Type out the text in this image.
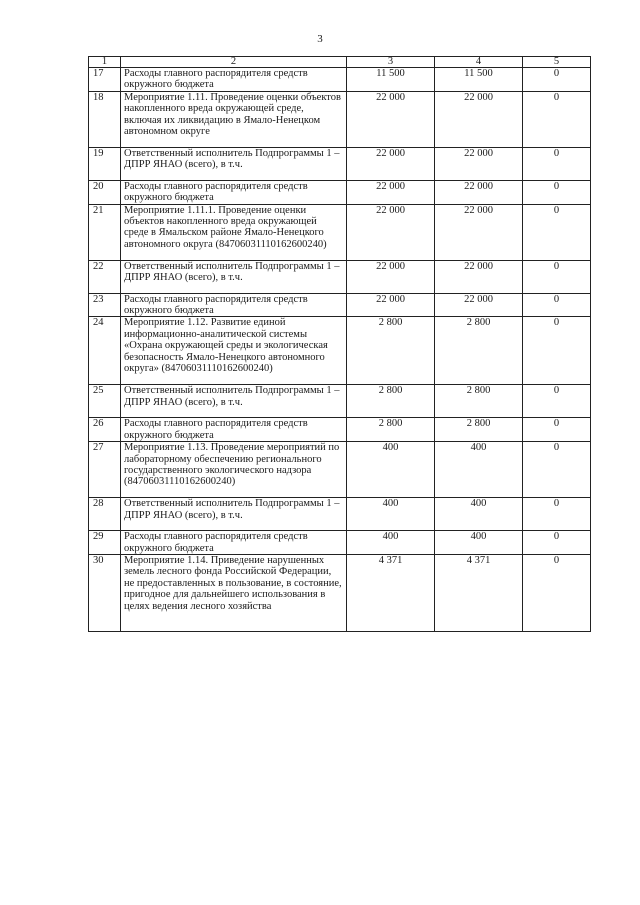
3
1	2	3	4	5
17	Расходы главного распорядителя средств окружного бюджета	11 500	11 500	0
18	Мероприятие 1.11. Проведение оценки объектов накопленного вреда окружающей среде, включая их ликвидацию в Ямало-Ненецком автономном округе	22 000	22 000	0
19	Ответственный исполнитель Подпрограммы 1 – ДПРР ЯНАО (всего), в т.ч.	22 000	22 000	0
20	Расходы главного распорядителя средств окружного бюджета	22 000	22 000	0
21	Мероприятие 1.11.1. Проведение оценки объектов накопленного вреда окружающей среде в Ямальском районе Ямало-Ненецкого автономного округа (84706031110162600240)	22 000	22 000	0
22	Ответственный исполнитель Подпрограммы 1 – ДПРР ЯНАО (всего), в т.ч.	22 000	22 000	0
23	Расходы главного распорядителя средств окружного бюджета	22 000	22 000	0
24	Мероприятие 1.12. Развитие единой информационно-аналитической системы «Охрана окружающей среды и экологическая безопасность Ямало-Ненецкого автономного округа» (84706031110162600240)	2 800	2 800	0
25	Ответственный исполнитель Подпрограммы 1 – ДПРР ЯНАО (всего), в т.ч.	2 800	2 800	0
26	Расходы главного распорядителя средств окружного бюджета	2 800	2 800	0
27	Мероприятие 1.13. Проведение мероприятий по лабораторному обеспечению регионального государственного экологического надзора (84706031110162600240)	400	400	0
28	Ответственный исполнитель Подпрограммы 1 – ДПРР ЯНАО (всего), в т.ч.	400	400	0
29	Расходы главного распорядителя средств окружного бюджета	400	400	0
30	Мероприятие 1.14. Приведение нарушенных земель лесного фонда Российской Федерации, не предоставленных в пользование, в состояние, пригодное для дальнейшего использования в целях ведения лесного хозяйства	4 371	4 371	0
